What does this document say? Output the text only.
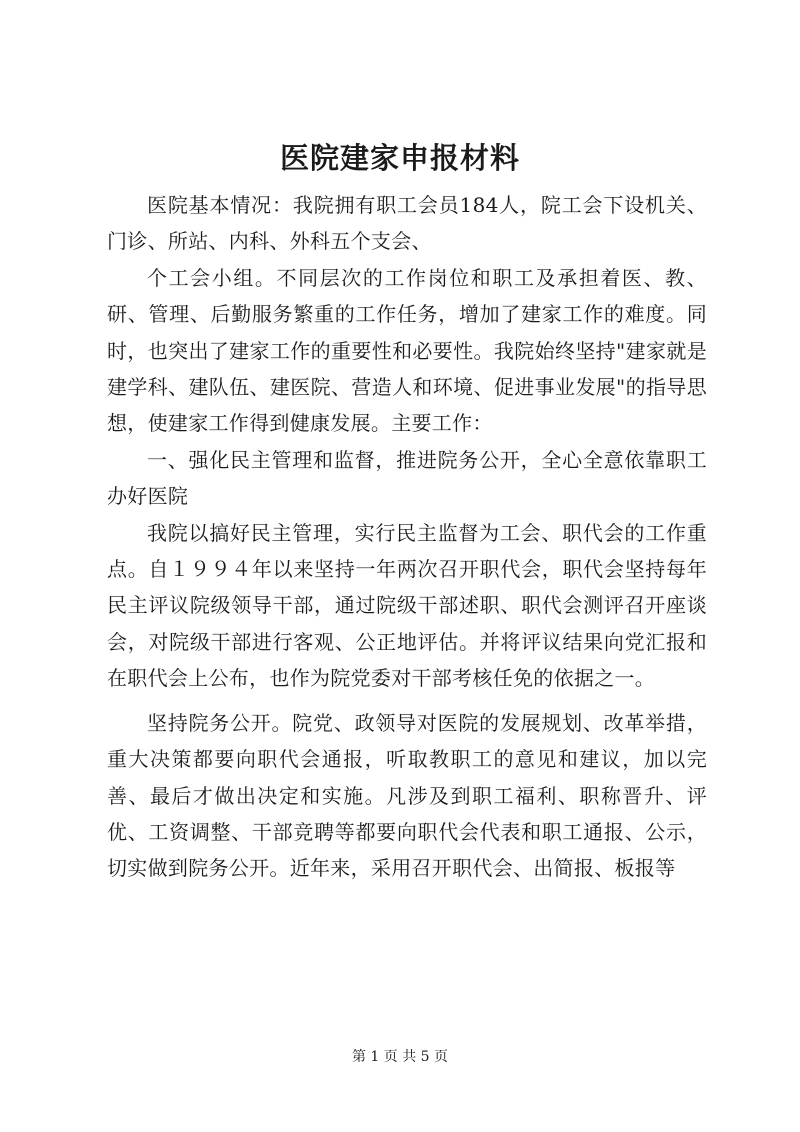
医院建家申报材料

医院基本情况：我院拥有职工会员184人，院工会下设机关、门诊、所站、内科、外科五个支会、

个工会小组。不同层次的工作岗位和职工及承担着医、教、研、管理、后勤服务繁重的工作任务，增加了建家工作的难度。同时，也突出了建家工作的重要性和必要性。我院始终坚持"建家就是建学科、建队伍、建医院、营造人和环境、促进事业发展"的指导思想，使建家工作得到健康发展。主要工作：

一、强化民主管理和监督，推进院务公开，全心全意依靠职工办好医院

我院以搞好民主管理，实行民主监督为工会、职代会的工作重点。自１９９４年以来坚持一年两次召开职代会，职代会坚持每年民主评议院级领导干部，通过院级干部述职、职代会测评召开座谈会，对院级干部进行客观、公正地评估。并将评议结果向党汇报和在职代会上公布，也作为院党委对干部考核任免的依据之一。

坚持院务公开。院党、政领导对医院的发展规划、改革举措，重大决策都要向职代会通报，听取教职工的意见和建议，加以完善、最后才做出决定和实施。凡涉及到职工福利、职称晋升、评优、工资调整、干部竞聘等都要向职代会代表和职工通报、公示，切实做到院务公开。近年来，采用召开职代会、出简报、板报等

第 1 页 共 5 页
